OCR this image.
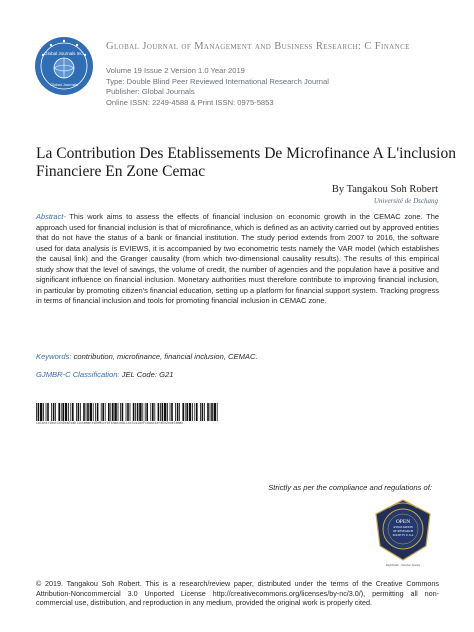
Global Journals Inc.
Global Journals
Global Journal of Management and Business Research: C Finance
Volume 19 Issue 2 Version 1.0 Year 2019
Type: Double Blind Peer Reviewed International Research Journal
Publisher: Global Journals
Online ISSN: 2249-4588 & Print ISSN: 0975-5853
La Contribution Des Etablissements De Microfinance A L'inclusion Financiere En Zone Cemac
By Tangakou Soh Robert
Université de Dschang
Abstract- This work aims to assess the effects of financial inclusion on economic growth in the CEMAC zone. The approach used for financial inclusion is that of microfinance, which is defined as an activity carried out by approved entities that do not have the status of a bank or financial institution. The study period extends from 2007 to 2016, the software used for data analysis is EVIEWS, it is accompanied by two econometric tests namely the VAR model (which establishes the causal link) and the Granger causality (from which two-dimensional causality results). The results of this empirical study show that the level of savings, the volume of credit, the number of agencies and the population have a positive and significant influence on financial inclusion. Monetary authorities must therefore contribute to improving financial inclusion, in particular by promoting citizen's financial education, setting up a platform for financial support system. Tracking progress in terms of financial inclusion and tools for promoting financial inclusion in CEMAC zone.
Keywords: contribution, microfinance, financial inclusion, CEMAC.
GJMBR-C Classification: JEL Code: G21
LaContributionDesEtablissementsDeMicrofinanceALinclusionFinanciereEnZoneCemac
Strictly as per the compliance and regulations of:
OPEN
ASSOCIATION
OF RESEARCH
SOCIETY U.S.A
Rightholder - Member Society
© 2019. Tangakou Soh Robert. This is a research/review paper, distributed under the terms of the Creative Commons Attribution-Noncommercial 3.0 Unported License http://creativecommons.org/licenses/by-nc/3.0/), permitting all non-commercial use, distribution, and reproduction in any medium, provided the original work is properly cited.
